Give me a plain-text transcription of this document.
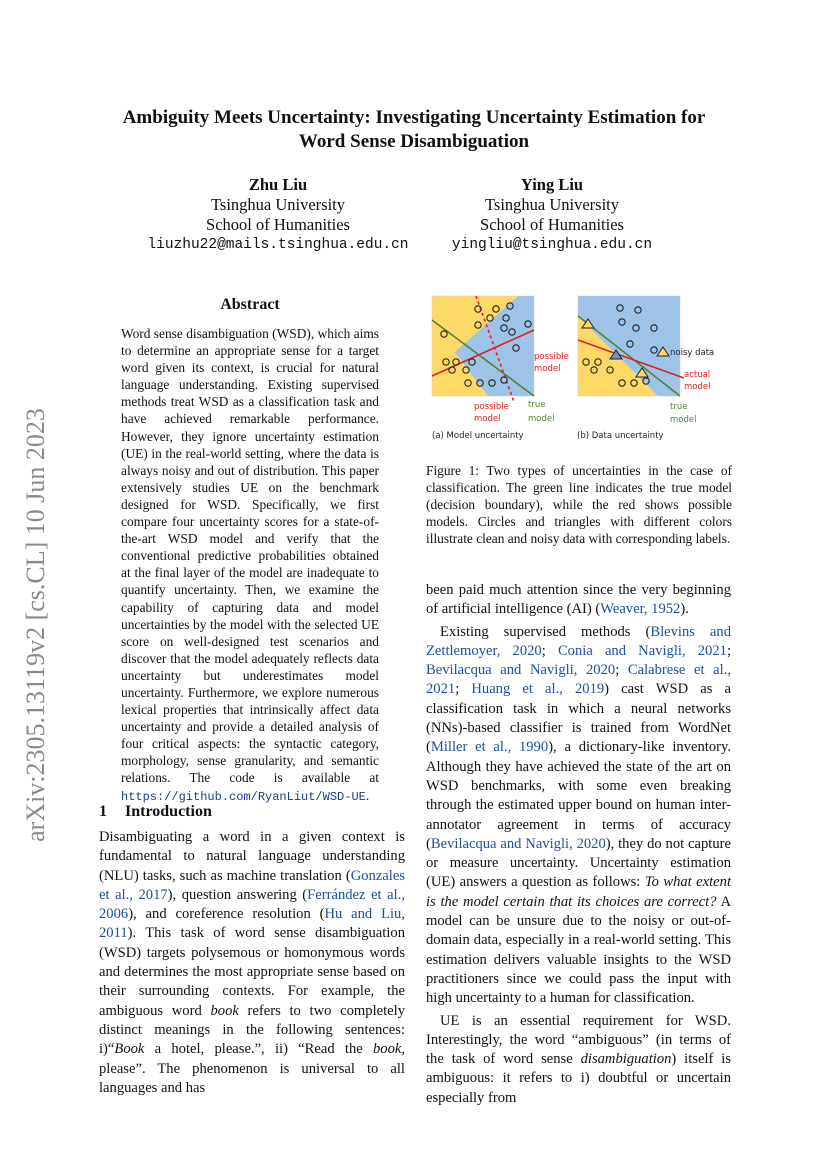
arXiv:2305.13119v2 [cs.CL] 10 Jun 2023
Ambiguity Meets Uncertainty: Investigating Uncertainty Estimation for
Word Sense Disambiguation
Zhu Liu
Tsinghua University
School of Humanities
liuzhu22@mails.tsinghua.edu.cn
Ying Liu
Tsinghua University
School of Humanities
yingliu@tsinghua.edu.cn
Abstract
Word sense disambiguation (WSD), which aims to determine an appropriate sense for a target word given its context, is crucial for natural language understanding. Existing supervised methods treat WSD as a classification task and have achieved remarkable performance. However, they ignore uncertainty estimation (UE) in the real-world setting, where the data is always noisy and out of distribution. This paper extensively studies UE on the benchmark designed for WSD. Specifically, we first compare four uncertainty scores for a state-of-the-art WSD model and verify that the conventional predictive probabilities obtained at the final layer of the model are inadequate to quantify uncertainty. Then, we examine the capability of capturing data and model uncertainties by the model with the selected UE score on well-designed test scenarios and discover that the model adequately reflects data uncertainty but underestimates model uncertainty. Furthermore, we explore numerous lexical properties that intrinsically affect data uncertainty and provide a detailed analysis of four critical aspects: the syntactic category, morphology, sense granularity, and semantic relations. The code is available at https://github.com/RyanLiut/WSD-UE.
possible
model
possible
model
true
model
(a) Model uncertainty
noisy data
actual
model
true
model
(b) Data uncertainty
Figure 1: Two types of uncertainties in the case of classification. The green line indicates the true model (decision boundary), while the red shows possible models. Circles and triangles with different colors illustrate clean and noisy data with corresponding labels.
1 Introduction

Disambiguating a word in a given context is fundamental to natural language understanding (NLU) tasks, such as machine translation (Gonzales et al., 2017), question answering (Ferrández et al., 2006), and coreference resolution (Hu and Liu, 2011). This task of word sense disambiguation (WSD) targets polysemous or homonymous words and determines the most appropriate sense based on their surrounding contexts. For example, the ambiguous word book refers to two completely distinct meanings in the following sentences: i)“Book a hotel, please.”, ii) “Read the book, please”. The phenomenon is universal to all languages and has

been paid much attention since the very beginning of artificial intelligence (AI) (Weaver, 1952).

Existing supervised methods (Blevins and Zettlemoyer, 2020; Conia and Navigli, 2021; Bevilacqua and Navigli, 2020; Calabrese et al., 2021; Huang et al., 2019) cast WSD as a classification task in which a neural networks (NNs)-based classifier is trained from WordNet (Miller et al., 1990), a dictionary-like inventory. Although they have achieved the state of the art on WSD benchmarks, with some even breaking through the estimated upper bound on human inter-annotator agreement in terms of accuracy (Bevilacqua and Navigli, 2020), they do not capture or measure uncertainty. Uncertainty estimation (UE) answers a question as follows: To what extent is the model certain that its choices are correct? A model can be unsure due to the noisy or out-of-domain data, especially in a real-world setting. This estimation delivers valuable insights to the WSD practitioners since we could pass the input with high uncertainty to a human for classification.

UE is an essential requirement for WSD. Interestingly, the word “ambiguous” (in terms of the task of word sense disambiguation) itself is ambiguous: it refers to i) doubtful or uncertain especially from
